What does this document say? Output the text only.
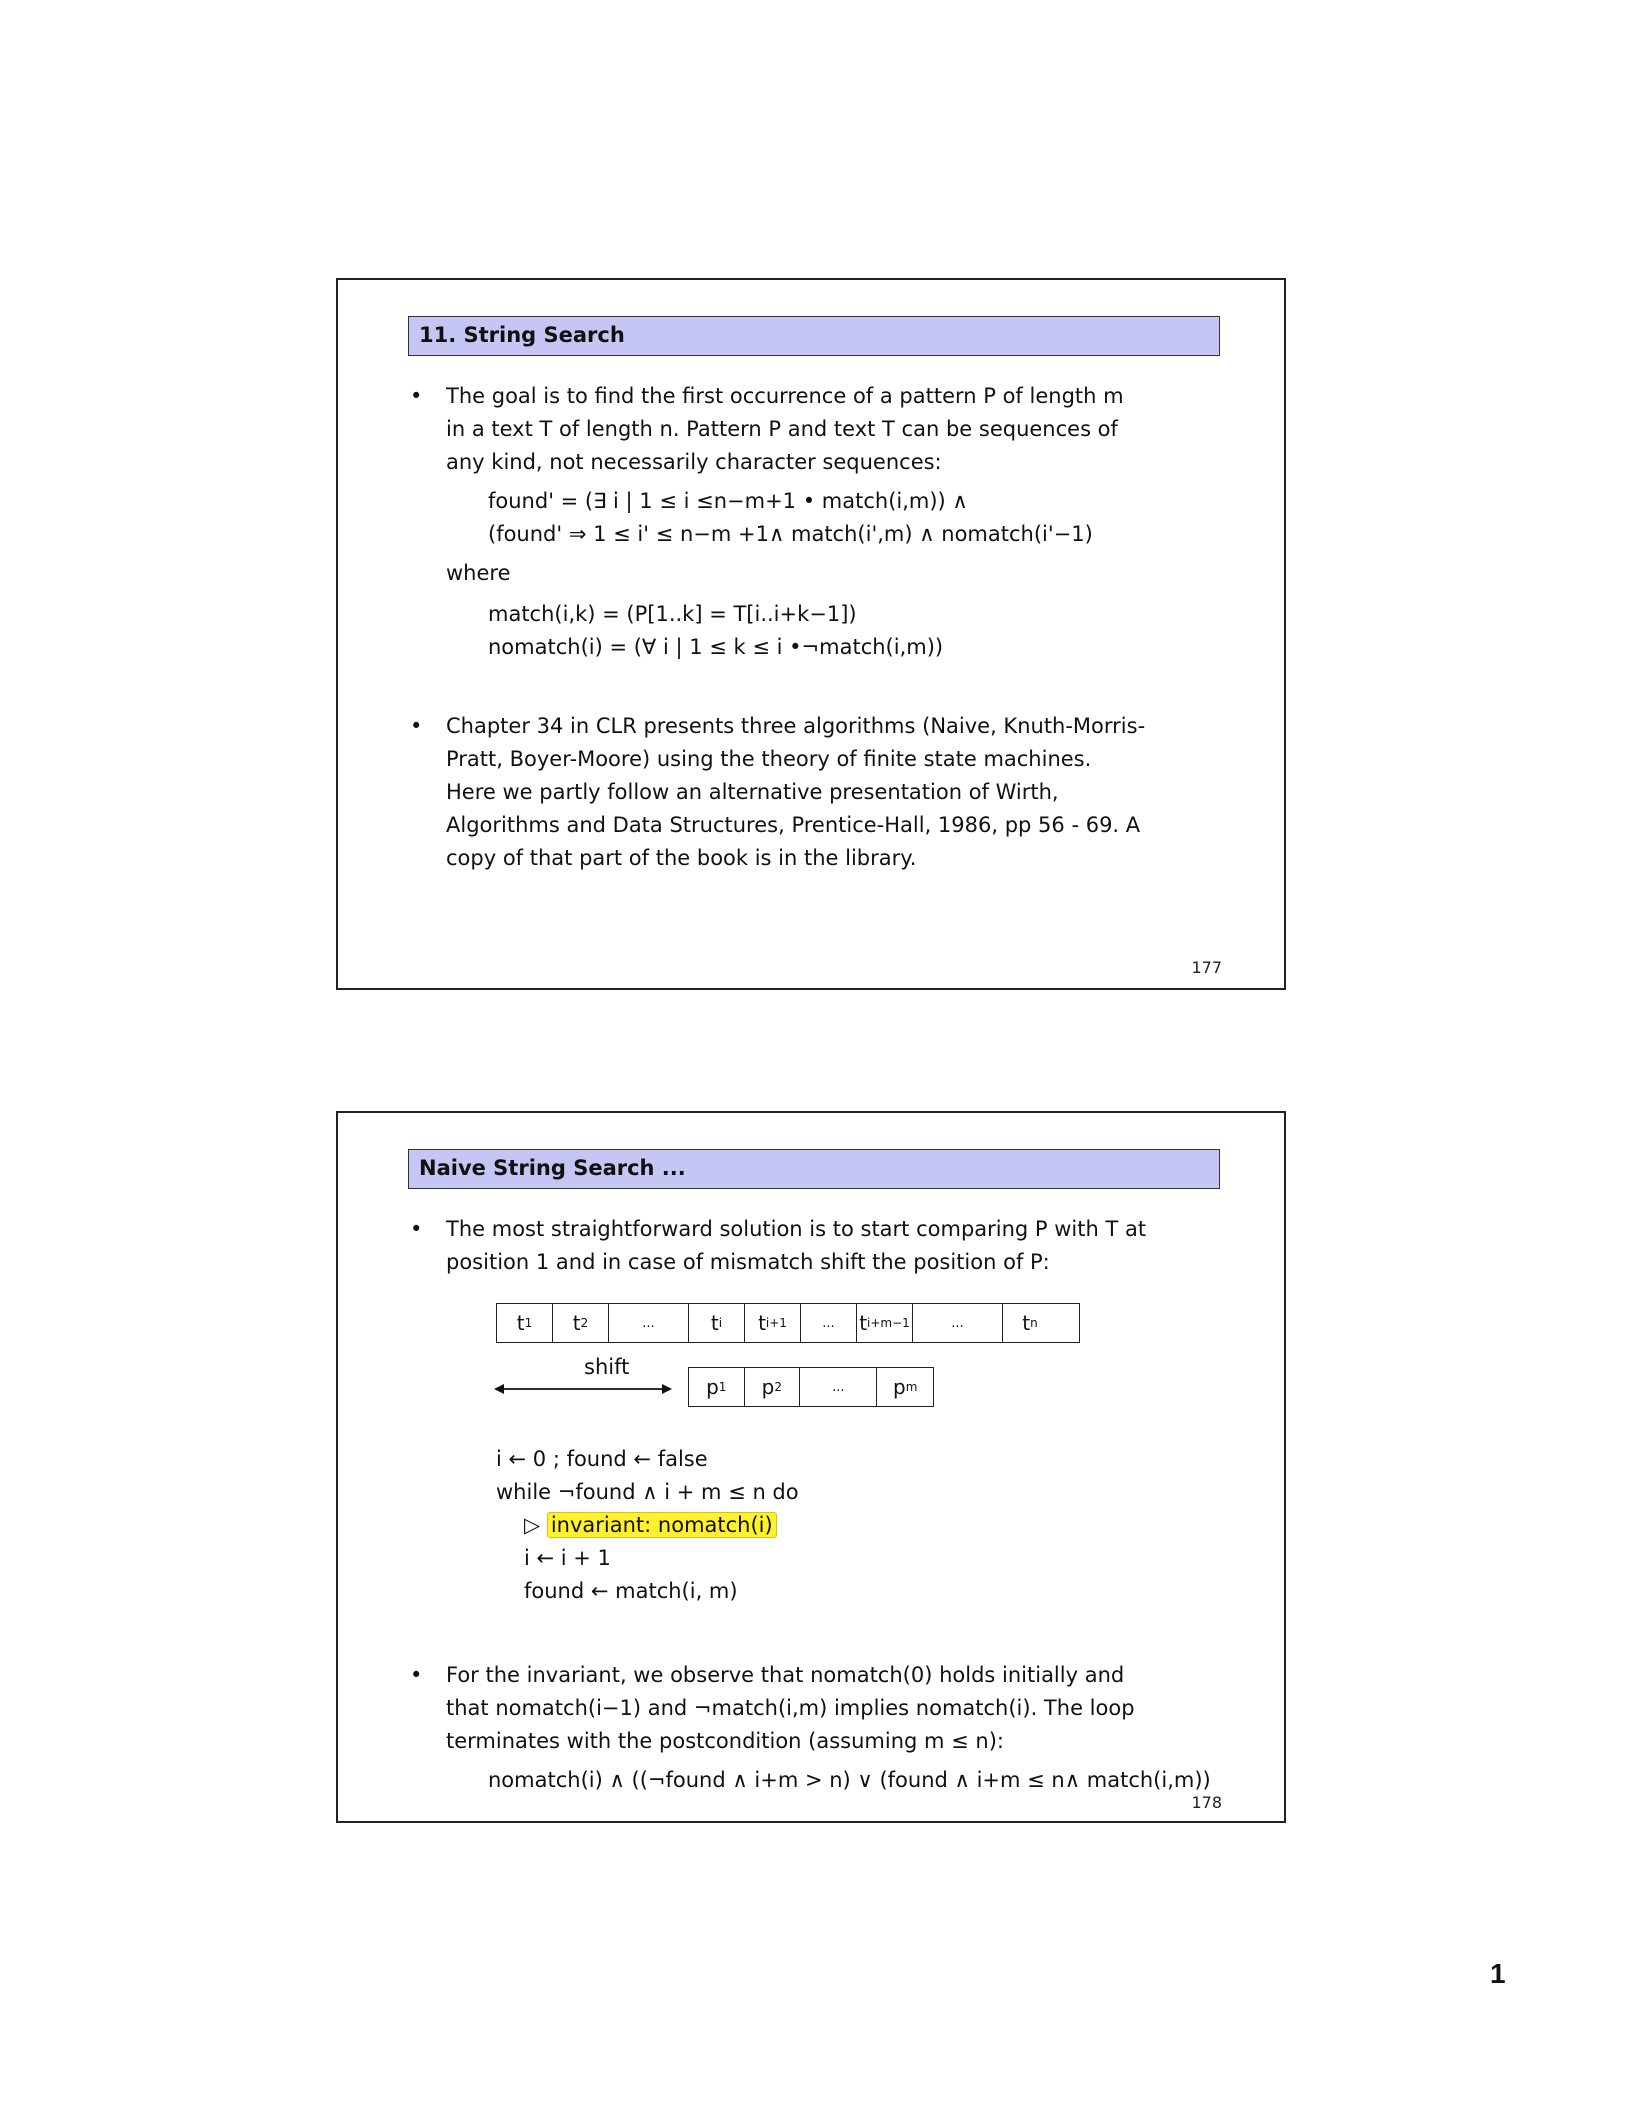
11. String Search
• The goal is to find the first occurrence of a pattern P of length m
in a text T of length n. Pattern P and text T can be sequences of
any kind, not necessarily character sequences:
found' = (∃ i | 1 ≤ i ≤n−m+1 • match(i,m)) ∧
(found' ⇒ 1 ≤ i' ≤ n−m +1∧ match(i',m) ∧ nomatch(i'−1)
where
match(i,k) = (P[1..k] = T[i..i+k−1])
nomatch(i) = (∀ i | 1 ≤ k ≤ i •¬match(i,m))
• Chapter 34 in CLR presents three algorithms (Naive, Knuth-Morris-
Pratt, Boyer-Moore) using the theory of finite state machines.
Here we partly follow an alternative presentation of Wirth,
Algorithms and Data Structures, Prentice-Hall, 1986, pp 56 - 69. A
copy of that part of the book is in the library.
177
Naive String Search ...
• The most straightforward solution is to start comparing P with T at
position 1 and in case of mismatch shift the position of P:
t 1 t 2	...	t i t i+1	... t i+m−1	...	t n
shift
p 1 p 2	... p m
i ← 0 ; found ← false
while ¬found ∧ i + m ≤ n do
▷ invariant: nomatch(i)
i ← i + 1
found ← match(i, m)
• For the invariant, we observe that nomatch(0) holds initially and
that nomatch(i−1) and ¬match(i,m) implies nomatch(i). The loop
terminates with the postcondition (assuming m ≤ n):
nomatch(i) ∧ ((¬found ∧ i+m > n) ∨ (found ∧ i+m ≤ n∧ match(i,m))
178
1
